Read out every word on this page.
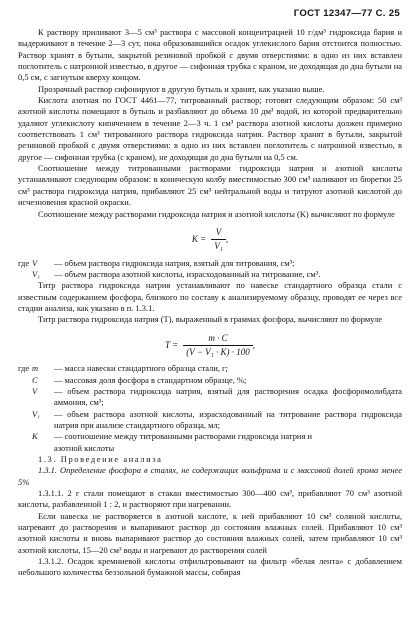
ГОСТ 12347—77 С. 25

К раствору приливают 3—5 см³ раствора с массовой концентрацией 10 г/дм³ гидроксида бария и выдерживают в течение 2—3 сут, пока образовавшийся осадок углекислого бария отстоится полностью. Раствор хранят в бутыли, закрытой резиновой пробкой с двумя отверстиями: в одно из них вставлен поглотитель с натронной известью, в другое — сифонная трубка с краном, не доходящая до дна бутыли на 0,5 см, с загнутым кверху концом.

Прозрачный раствор сифонируют в другую бутыль и хранят, как указано выше.

Кислота азотная по ГОСТ 4461—77, титрованный раствор; готовят следующим образом: 50 см³ азотной кислоты помещают в бутыль и разбавляют до объема 10 дм³ водой, из которой предварительно удаляют углекислоту кипячением в течение 2—3 ч. 1 см³ раствора азотной кислоты должен примерно соответствовать 1 см³ титрованного раствора гидроксида натрия. Раствор хранят в бутыли, закрытой резиновой пробкой с двумя отверстиями: в одно из них вставлен поглотитель с натронной известью, в другое — сифонная трубка (с краном), не доходящая до дна бутыли на 0,5 см.

Соотношение между титрованными растворами гидроксида натрия и азотной кислоты устанавливают следующим образом: в коническую колбу вместимостью 300 см³ наливают из бюретки 25 см³ раствора гидроксида натрия, прибавляют 25 см³ нейтральной воды и титруют азотной кислотой до исчезновения красной окраски.

Соотношение между растворами гидроксида натрия и азотной кислоты (K) вычисляют по формуле

$K = \frac{V}{\text{V₁}}$ ,
где V	— объем раствора гидроксида натрия, взятый для титрования, см³;
V₁	— объем раствора азотной кислоты, израсходованный на титрование, см³.

Титр раствора гидроксида натрия устанавливают по навеске стандартного образца стали с известным содержанием фосфора, близкого по составу к анализируемому образцу, проводят ее через все стадии анализа, как указано в п. 1.3.1.

Титр раствора гидроксида натрия (T), выраженный в граммах фосфора, вычисляют по формуле

$T = \frac{m \cdot C}{\text{(V − V₁ · K) · 100}}$ ,
где m	— масса навески стандартного образца стали, г;
C	— массовая доля фосфора в стандартном образце, %;
V	— объем раствора гидроксида натрия, взятый для растворения осадка фосфоромолибдата аммония, см³;
V₁	— объем раствора азотной кислоты, израсходованный на титрование раствора гидроксида натрия при анализе стандартного образца, мл;
K	— соотношение между титрованными растворами гидроксида натрия и
азотной кислоты

1.3. Проведение анализа

1.3.1. Определение фосфора в сталях, не содержащих вольфрама и с массовой долей хрома менее 5%

1.3.1.1. 2 г стали помещают в стакан вместимостью 300—400 см³, прибавляют 70 см³ азотной кислоты, разбавленной 1 : 2, и растворяют при нагревании.

Если навеска не растворяется в азотной кислоте, к ней прибавляют 10 см³ соляной кислоты, нагревают до растворения и выпаривают раствор до состояния влажных солей. Прибавляют 10 см³ азотной кислоты и вновь выпаривают раствор до состояния влажных солей, затем прибавляют 10 см³ азотной кислоты, 15—20 см³ воды и нагревают до растворения солей

1.3.1.2. Осадок кремниевой кислоты отфильтровывают на фильтр «белая лента» с добавлением небольшого количества беззольной бумажной массы, собирая
